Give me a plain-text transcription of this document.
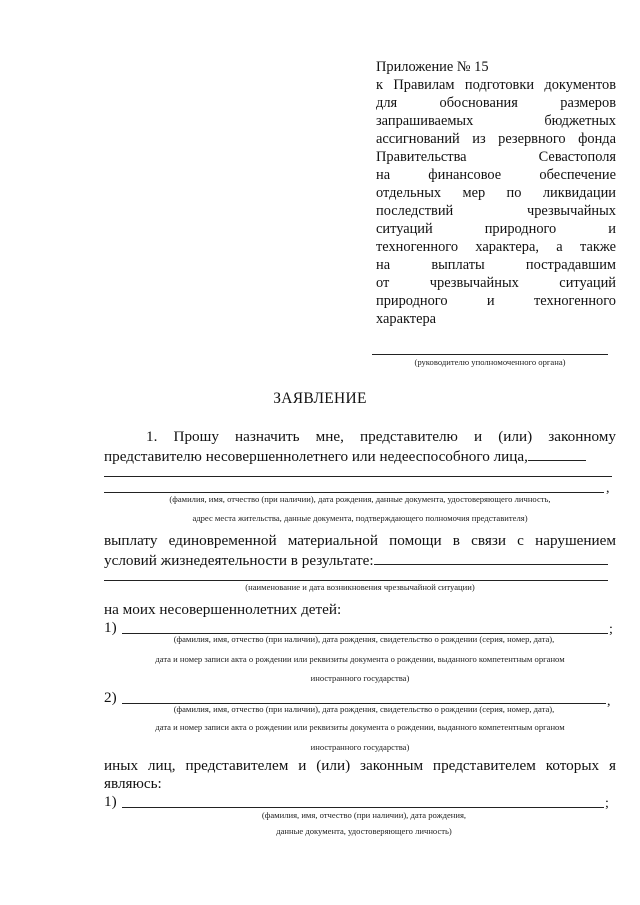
Приложение № 15
к Правилам подготовки документов
для обоснования размеров
запрашиваемых бюджетных
ассигнований из резервного фонда
Правительства Севастополя
на финансовое обеспечение
отдельных мер по ликвидации
последствий чрезвычайных
ситуаций природного и
техногенного характера, а также
на выплаты пострадавшим
от чрезвычайных ситуаций
природного и техногенного
характера
(руководителю уполномоченного органа)
ЗАЯВЛЕНИЕ
1. Прошу назначить мне, представителю и (или) законному
представителю несовершеннолетнего или недееспособного лица,
,
(фамилия, имя, отчество (при наличии), дата рождения, данные документа, удостоверяющего личность,
адрес места жительства, данные документа, подтверждающего полномочия представителя)
выплату единовременной материальной помощи в связи с нарушением
условий жизнедеятельности в результате:
(наименование и дата возникновения чрезвычайной ситуации)
на моих несовершеннолетних детей:
1)	;
(фамилия, имя, отчество (при наличии), дата рождения, свидетельство о рождении (серия, номер, дата),
дата и номер записи акта о рождении или реквизиты документа о рождении, выданного компетентным органом
иностранного государства)
2)	,
(фамилия, имя, отчество (при наличии), дата рождения, свидетельство о рождении (серия, номер, дата),
дата и номер записи акта о рождении или реквизиты документа о рождении, выданного компетентным органом
иностранного государства)
иных лиц, представителем и (или) законным представителем которых я
являюсь:
1)	;
(фамилия, имя, отчество (при наличии), дата рождения,
данные документа, удостоверяющего личность)
